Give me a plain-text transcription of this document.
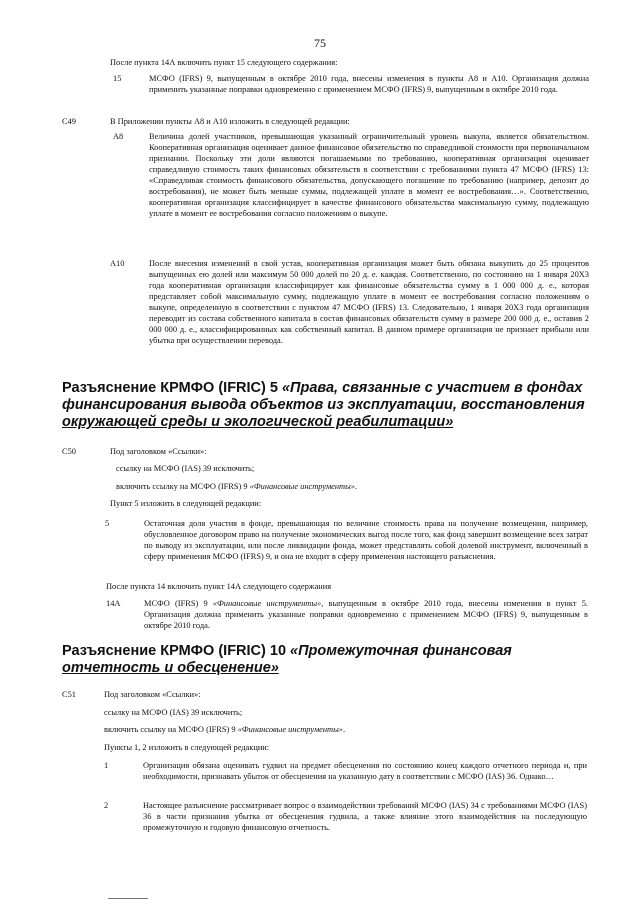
75

После пункта 14А включить пункт 15 следующего содержания:

15	МСФО (IFRS) 9, выпущенным в октябре 2010 года, внесены изменения в пункты А8 и А10. Организация должна применить указанные поправки одновременно с применением МСФО (IFRS) 9, выпущенным в октябре 2010 года.

С49	В Приложении пункты А8 и А10 изложить в следующей редакции:

А8	Величина долей участников, превышающая указанный ограничительный уровень выкупа, является обязательством. Кооперативная организация оценивает данное финансовое обязательство по справедливой стоимости при первоначальном признании. Поскольку эти доли являются погашаемыми по требованию, кооперативная организация оценивает справедливую стоимость таких финансовых обязательств в соответствии с требованиями пункта 47 МСФО (IFRS) 13: «Справедливая стоимость финансового обязательства, допускающего погашение по требованию (например, депозит до востребования), не может быть меньше суммы, подлежащей уплате в момент ее востребования…». Соответственно, кооперативная организация классифицирует в качестве финансового обязательства максимальную сумму, подлежащую уплате в момент ее востребования согласно положениям о выкупе.

А10	После внесения изменений в свой устав, кооперативная организация может быть обязана выкупить до 25 процентов выпущенных ею долей или максимум 50 000 долей по 20 д. е. каждая. Соответственно, по состоянию на 1 января 20Х3 года кооперативная организация классифицирует как финансовые обязательства сумму в 1 000 000 д. е., которая представляет собой максимальную сумму, подлежащую уплате в момент ее востребования согласно положениям о выкупе, определенную в соответствии с пунктом 47 МСФО (IFRS) 13. Следовательно, 1 января 20Х3 года организация переводит из состава собственного капитала в состав финансовых обязательств сумму в размере 200 000 д. е., оставив 2 000 000 д. е., классифицированных как собственный капитал. В данном примере организация не признает прибыли или убытка при осуществлении перевода.

Разъяснение КРМФО (IFRIC) 5 «Права, связанные с участием в фондах финансирования вывода объектов из эксплуатации, восстановления
окружающей среды и экологической реабилитации»
С50	Под заголовком «Ссылки»:

ссылку на МСФО (IAS) 39 исключить;

включить ссылку на МСФО (IFRS) 9 «Финансовые инструменты».

Пункт 5 изложить в следующей редакции:

5	Остаточная доля участия в фонде, превышающая по величине стоимость права на получение возмещения, например, обусловленное договором право на получение экономических выгод после того, как фонд завершит возмещение всех затрат по выводу из эксплуатации, или после ликвидации фонда, может представлять собой долевой инструмент, включенный в сферу применения МСФО (IFRS) 9, и она не входит в сферу применения настоящего разъяснения.

После пункта 14 включить пункт 14А следующего содержания

14А	МСФО (IFRS) 9 «Финансовые инструменты», выпущенным в октябре 2010 года, внесены изменения в пункт 5. Организация должна применить указанные поправки одновременно с применением МСФО (IFRS) 9, выпущенным в октябре 2010 года.

Разъяснение КРМФО (IFRIC) 10 «Промежуточная финансовая
отчетность и обесценение»
С51	Под заголовком «Ссылки»:

ссылку на МСФО (IAS) 39 исключить;

включить ссылку на МСФО (IFRS) 9 «Финансовые инструменты».

Пункты 1, 2 изложить в следующей редакции:

1	Организация обязана оценивать гудвил на предмет обесценения по состоянию конец каждого отчетного периода и, при необходимости, признавать убыток от обесценения на указанную дату в соответствии с МСФО (IAS) 36. Однако…

2	Настоящее разъяснение рассматривает вопрос о взаимодействии требований МСФО (IAS) 34 с требованиями МСФО (IAS) 36 в части признания убытка от обесценения гудвила, а также влияние этого взаимодействия на последующую промежуточную и годовую финансовую отчетность.
